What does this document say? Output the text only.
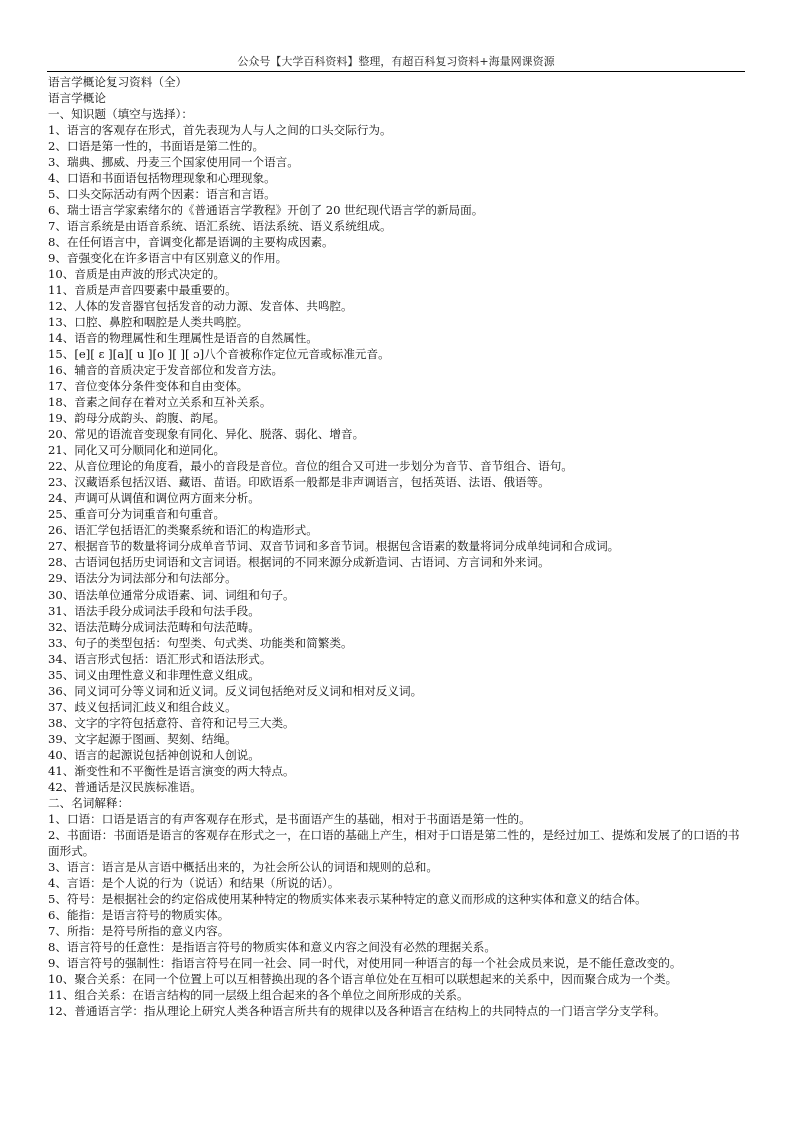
公众号【大学百科资料】整理，有超百科复习资料+海量网课资源
语言学概论复习资料（全）
语言学概论
一、知识题（填空与选择）：
1、语言的客观存在形式，首先表现为人与人之间的口头交际行为。
2、口语是第一性的，书面语是第二性的。
3、瑞典、挪威、丹麦三个国家使用同一个语言。
4、口语和书面语包括物理现象和心理现象。
5、口头交际活动有两个因素：语言和言语。
6、瑞士语言学家索绪尔的《普通语言学教程》开创了 20 世纪现代语言学的新局面。
7、语言系统是由语音系统、语汇系统、语法系统、语义系统组成。
8、在任何语言中，音调变化都是语调的主要构成因素。
9、音强变化在许多语言中有区别意义的作用。
10、音质是由声波的形式决定的。
11、音质是声音四要素中最重要的。
12、人体的发音器官包括发音的动力源、发音体、共鸣腔。
13、口腔、鼻腔和咽腔是人类共鸣腔。
14、语音的物理属性和生理属性是语音的自然属性。
15、[e][ ɛ ][a][ u ][o ][ ][ ɔ]八个音被称作定位元音或标准元音。
16、辅音的音质决定于发音部位和发音方法。
17、音位变体分条件变体和自由变体。
18、音素之间存在着对立关系和互补关系。
19、韵母分成韵头、韵腹、韵尾。
20、常见的语流音变现象有同化、异化、脱落、弱化、增音。
21、同化又可分顺同化和逆同化。
22、从音位理论的角度看，最小的音段是音位。音位的组合又可进一步划分为音节、音节组合、语句。
23、汉藏语系包括汉语、藏语、苗语。印欧语系一般都是非声调语言，包括英语、法语、俄语等。
24、声调可从调值和调位两方面来分析。
25、重音可分为词重音和句重音。
26、语汇学包括语汇的类聚系统和语汇的构造形式。
27、根据音节的数量将词分成单音节词、双音节词和多音节词。根据包含语素的数量将词分成单纯词和合成词。
28、古语词包括历史词语和文言词语。根据词的不同来源分成新造词、古语词、方言词和外来词。
29、语法分为词法部分和句法部分。
30、语法单位通常分成语素、词、词组和句子。
31、语法手段分成词法手段和句法手段。
32、语法范畴分成词法范畴和句法范畴。
33、句子的类型包括：句型类、句式类、功能类和简繁类。
34、语言形式包括：语汇形式和语法形式。
35、词义由理性意义和非理性意义组成。
36、同义词可分等义词和近义词。反义词包括绝对反义词和相对反义词。
37、歧义包括词汇歧义和组合歧义。
38、文字的字符包括意符、音符和记号三大类。
39、文字起源于图画、契刻、结绳。
40、语言的起源说包括神创说和人创说。
41、渐变性和不平衡性是语言演变的两大特点。
42、普通话是汉民族标准语。
二、名词解释：
1、口语：口语是语言的有声客观存在形式，是书面语产生的基础，相对于书面语是第一性的。
2、书面语：书面语是语言的客观存在形式之一，在口语的基础上产生，相对于口语是第二性的，是经过加工、提炼和发展了的口语的书面形式。
3、语言：语言是从言语中概括出来的，为社会所公认的词语和规则的总和。
4、言语：是个人说的行为（说话）和结果（所说的话）。
5、符号：是根据社会的约定俗成使用某种特定的物质实体来表示某种特定的意义而形成的这种实体和意义的结合体。
6、能指：是语言符号的物质实体。
7、所指：是符号所指的意义内容。
8、语言符号的任意性：是指语言符号的物质实体和意义内容之间没有必然的理据关系。
9、语言符号的强制性：指语言符号在同一社会、同一时代，对使用同一种语言的每一个社会成员来说，是不能任意改变的。
10、聚合关系：在同一个位置上可以互相替换出现的各个语言单位处在互相可以联想起来的关系中，因而聚合成为一个类。
11、组合关系：在语言结构的同一层级上组合起来的各个单位之间所形成的关系。
12、普通语言学：指从理论上研究人类各种语言所共有的规律以及各种语言在结构上的共同特点的一门语言学分支学科。
